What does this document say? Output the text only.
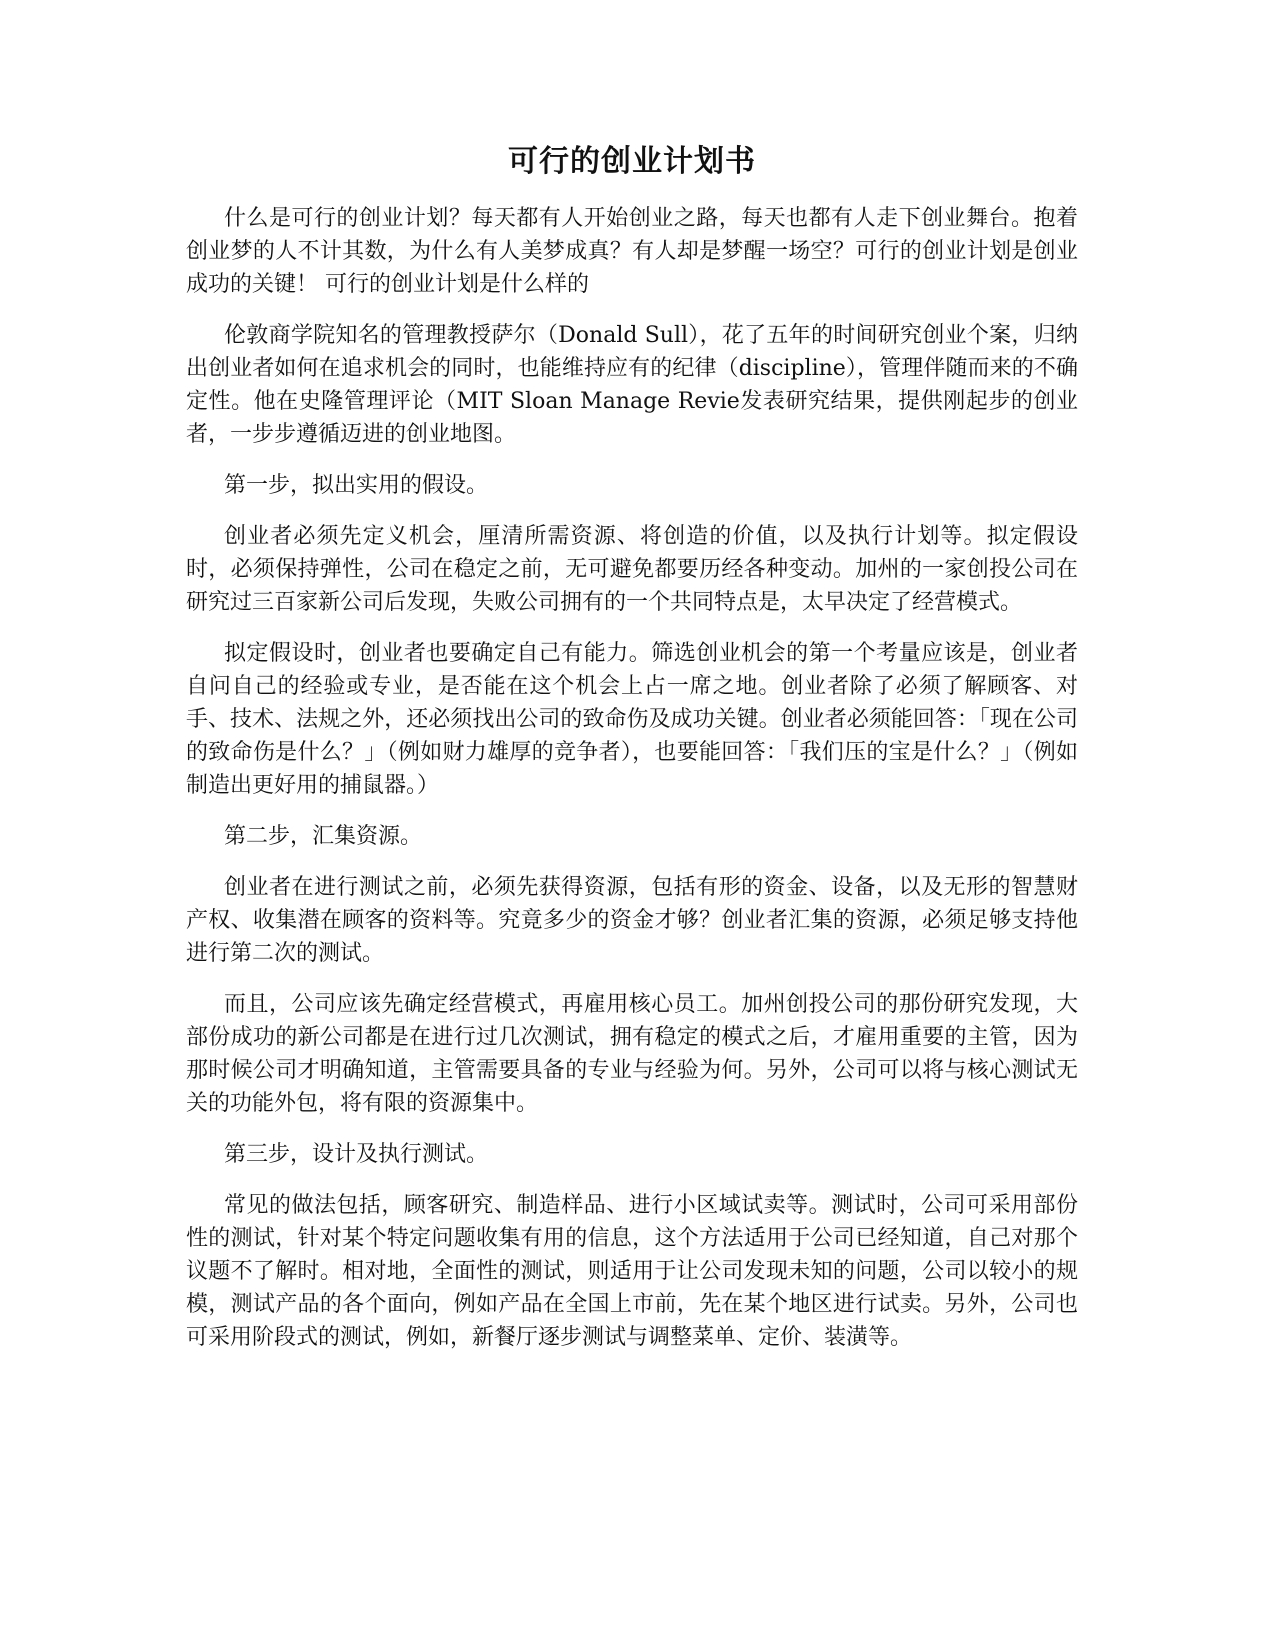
可行的创业计划书

什么是可行的创业计划？每天都有人开始创业之路，每天也都有人走下创业舞台。抱着创业梦的人不计其数，为什么有人美梦成真？有人却是梦醒一场空？可行的创业计划是创业成功的关键！ 可行的创业计划是什么样的

伦敦商学院知名的管理教授萨尔（Donald Sull），花了五年的时间研究创业个案，归纳出创业者如何在追求机会的同时，也能维持应有的纪律（discipline），管理伴随而来的不确定性。他在史隆管理评论（MIT Sloan Manage Revie发表研究结果，提供刚起步的创业者，一步步遵循迈进的创业地图。

第一步，拟出实用的假设。

创业者必须先定义机会，厘清所需资源、将创造的价值，以及执行计划等。拟定假设时，必须保持弹性，公司在稳定之前，无可避免都要历经各种变动。加州的一家创投公司在研究过三百家新公司后发现，失败公司拥有的一个共同特点是，太早决定了经营模式。

拟定假设时，创业者也要确定自己有能力。筛选创业机会的第一个考量应该是，创业者自问自己的经验或专业，是否能在这个机会上占一席之地。创业者除了必须了解顾客、对手、技术、法规之外，还必须找出公司的致命伤及成功关键。创业者必须能回答：「现在公司的致命伤是什么？」（例如财力雄厚的竞争者），也要能回答：「我们压的宝是什么？」（例如制造出更好用的捕鼠器。）

第二步，汇集资源。

创业者在进行测试之前，必须先获得资源，包括有形的资金、设备，以及无形的智慧财产权、收集潜在顾客的资料等。究竟多少的资金才够？创业者汇集的资源，必须足够支持他进行第二次的测试。

而且，公司应该先确定经营模式，再雇用核心员工。加州创投公司的那份研究发现，大部份成功的新公司都是在进行过几次测试，拥有稳定的模式之后，才雇用重要的主管，因为那时候公司才明确知道，主管需要具备的专业与经验为何。另外，公司可以将与核心测试无关的功能外包，将有限的资源集中。

第三步，设计及执行测试。

常见的做法包括，顾客研究、制造样品、进行小区域试卖等。测试时，公司可采用部份性的测试，针对某个特定问题收集有用的信息，这个方法适用于公司已经知道，自己对那个议题不了解时。相对地，全面性的测试，则适用于让公司发现未知的问题，公司以较小的规模，测试产品的各个面向，例如产品在全国上市前，先在某个地区进行试卖。另外，公司也可采用阶段式的测试，例如，新餐厅逐步测试与调整菜单、定价、装潢等。
